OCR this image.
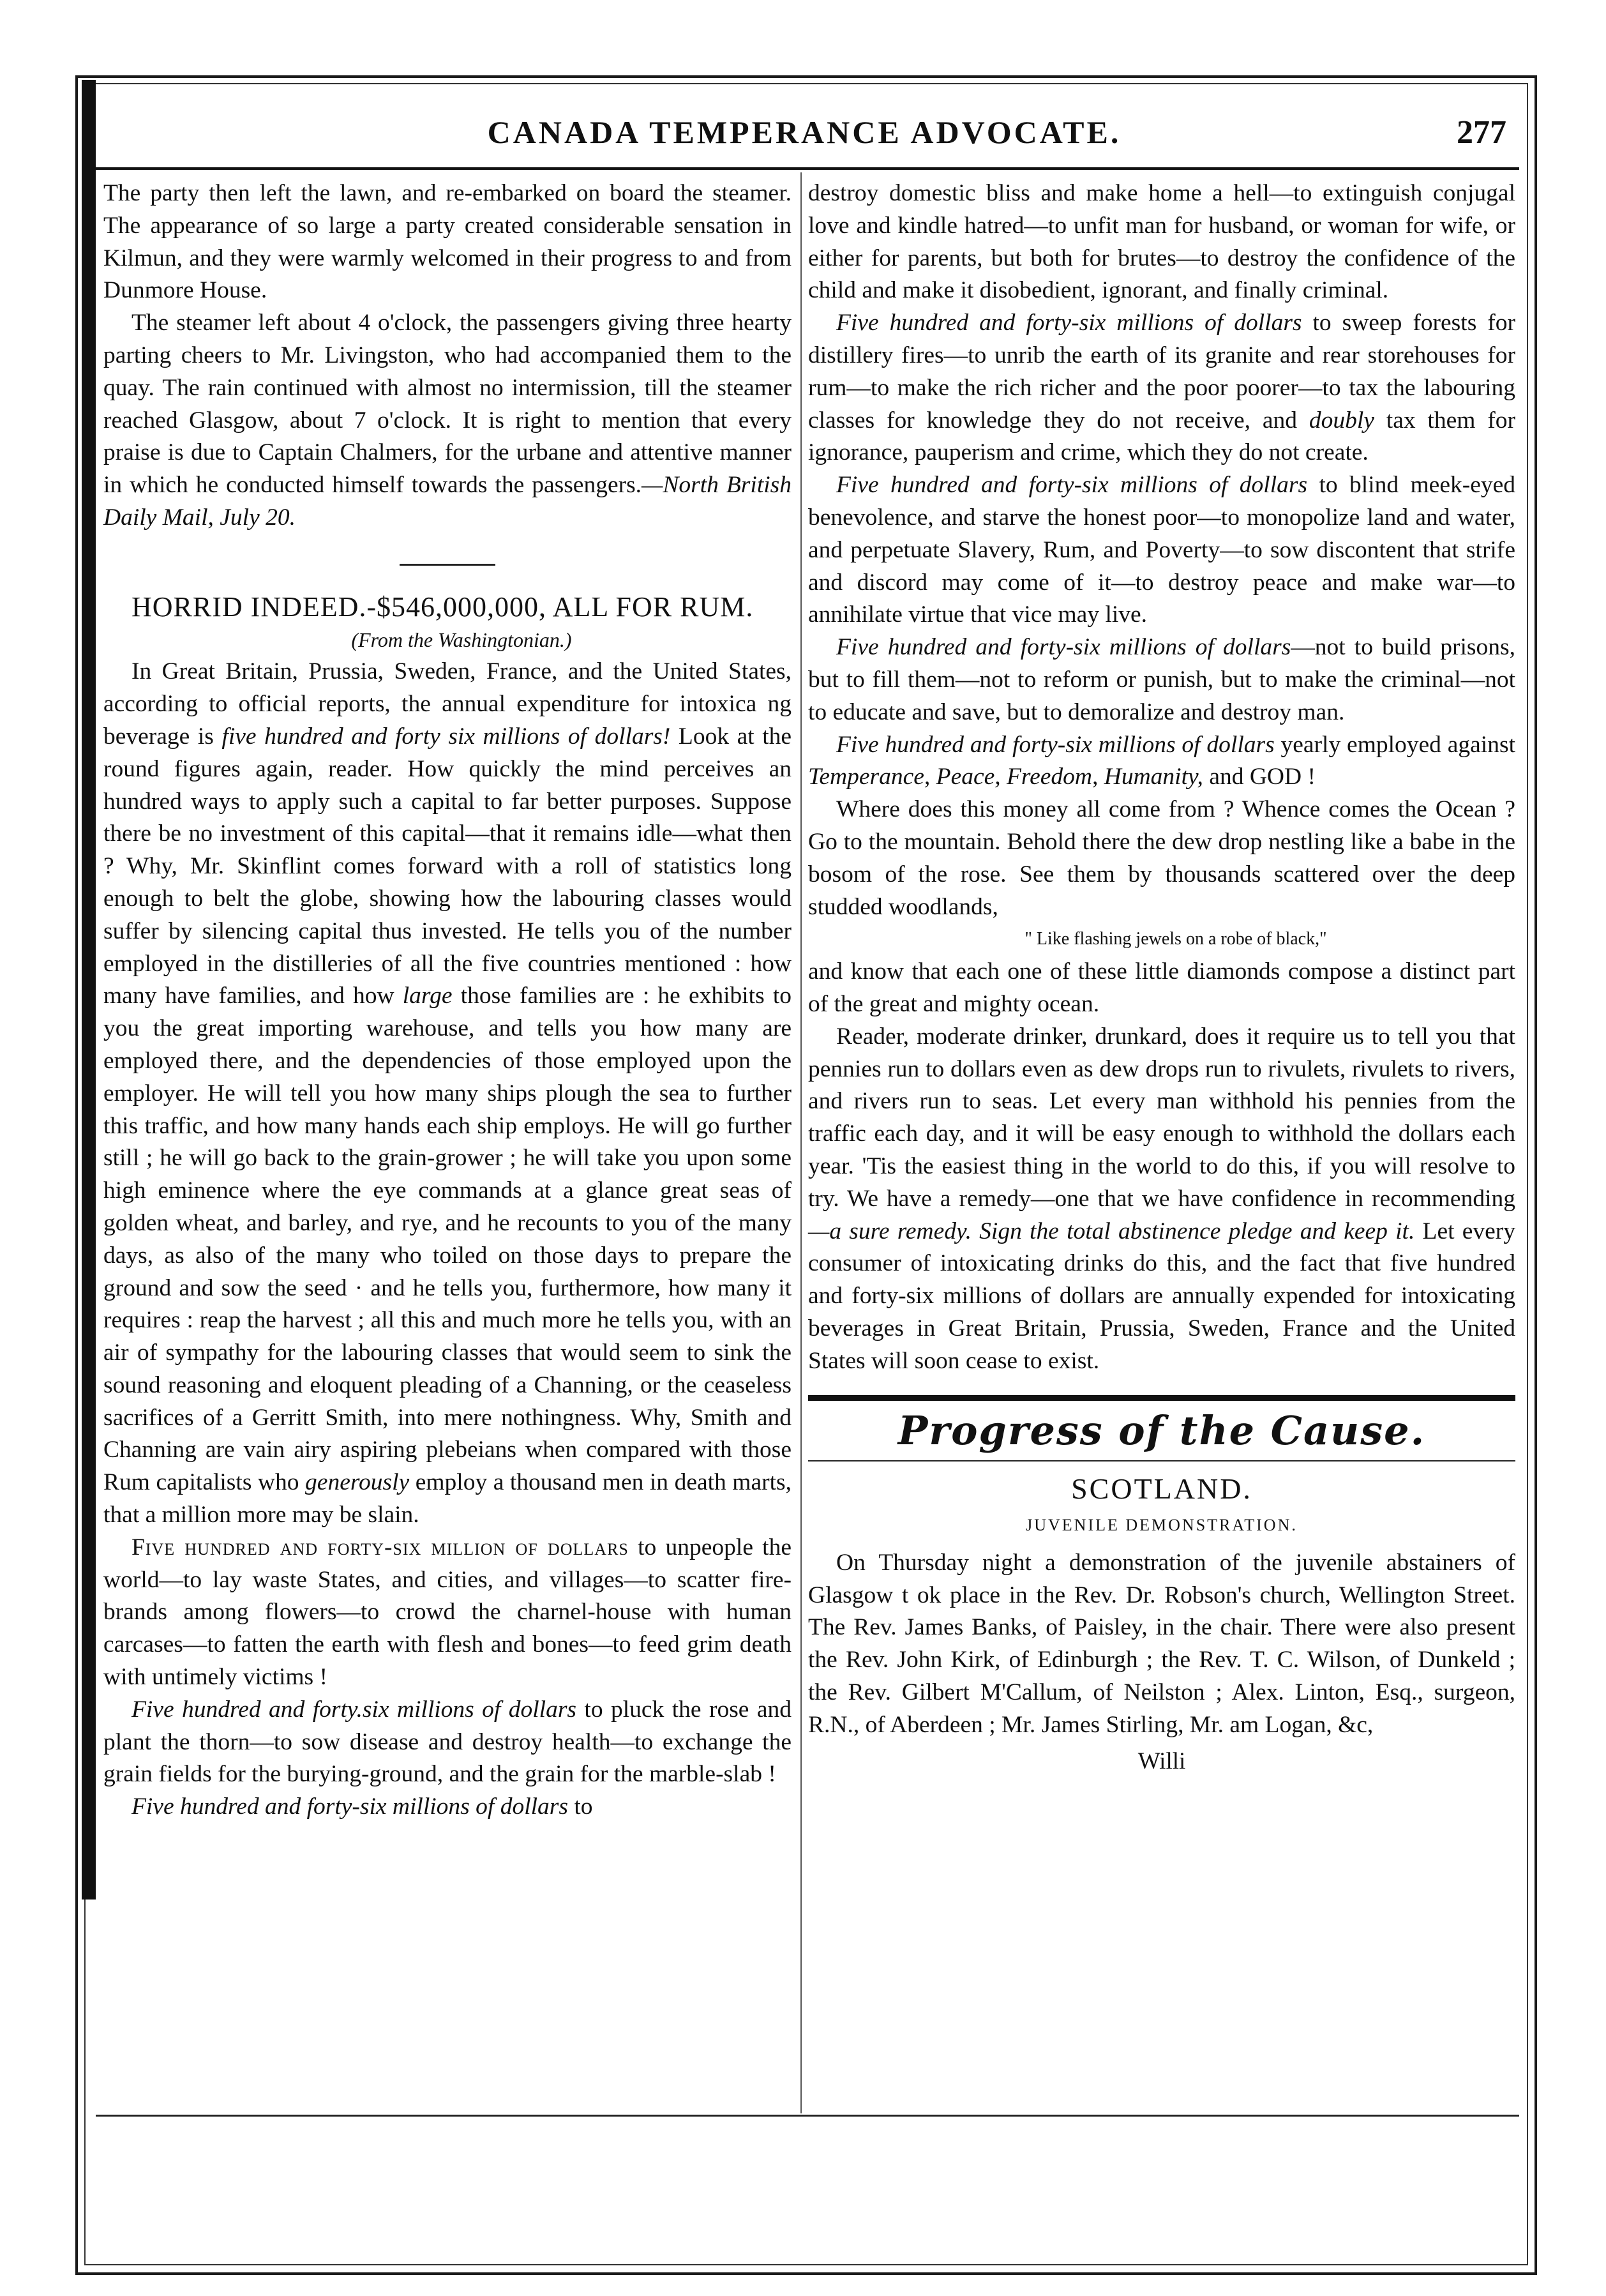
CANADA TEMPERANCE ADVOCATE.	277

The party then left the lawn, and re-embarked on board the steamer. The appearance of so large a party created considerable sensation in Kilmun, and they were warmly welcomed in their progress to and from Dunmore House.

The steamer left about 4 o'clock, the passengers giving three hearty parting cheers to Mr. Livingston, who had accompanied them to the quay. The rain continued with almost no intermission, till the steamer reached Glasgow, about 7 o'clock. It is right to mention that every praise is due to Captain Chalmers, for the urbane and attentive manner in which he conducted himself towards the passengers.—North British Daily Mail, July 20.

HORRID INDEED.-$546,000,000, ALL FOR RUM.

(From the Washingtonian.)

In Great Britain, Prussia, Sweden, France, and the United States, according to official reports, the annual expenditure for intoxica ng beverage is five hundred and forty six millions of dollars! Look at the round figures again, reader. How quickly the mind perceives an hundred ways to apply such a capital to far better purposes. Suppose there be no investment of this capital—that it remains idle—what then ? Why, Mr. Skinflint comes forward with a roll of statistics long enough to belt the globe, showing how the labouring classes would suffer by silencing capital thus invested. He tells you of the number employed in the distilleries of all the five countries mentioned : how many have families, and how large those families are : he exhibits to you the great importing warehouse, and tells you how many are employed there, and the dependencies of those employed upon the employer. He will tell you how many ships plough the sea to further this traffic, and how many hands each ship employs. He will go further still ; he will go back to the grain-grower ; he will take you upon some high eminence where the eye commands at a glance great seas of golden wheat, and barley, and rye, and he recounts to you of the many days, as also of the many who toiled on those days to prepare the ground and sow the seed · and he tells you, furthermore, how many it requires : reap the harvest ; all this and much more he tells you, with an air of sympathy for the labouring classes that would seem to sink the sound reasoning and eloquent pleading of a Channing, or the ceaseless sacrifices of a Gerritt Smith, into mere nothingness. Why, Smith and Channing are vain airy aspiring plebeians when compared with those Rum capitalists who generously employ a thousand men in death marts, that a million more may be slain.

Five hundred and forty-six million of dollars to unpeople the world—to lay waste States, and cities, and villages—to scatter fire-brands among flowers—to crowd the charnel-house with human carcases—to fatten the earth with flesh and bones—to feed grim death with untimely victims !

Five hundred and forty.six millions of dollars to pluck the rose and plant the thorn—to sow disease and destroy health—to exchange the grain fields for the burying-ground, and the grain for the marble-slab !

Five hundred and forty-six millions of dollars to

destroy domestic bliss and make home a hell—to extinguish conjugal love and kindle hatred—to unfit man for husband, or woman for wife, or either for parents, but both for brutes—to destroy the confidence of the child and make it disobedient, ignorant, and finally criminal.

Five hundred and forty-six millions of dollars to sweep forests for distillery fires—to unrib the earth of its granite and rear storehouses for rum—to make the rich richer and the poor poorer—to tax the labouring classes for knowledge they do not receive, and doubly tax them for ignorance, pauperism and crime, which they do not create.

Five hundred and forty-six millions of dollars to blind meek-eyed benevolence, and starve the honest poor—to monopolize land and water, and perpetuate Slavery, Rum, and Poverty—to sow discontent that strife and discord may come of it—to destroy peace and make war—to annihilate virtue that vice may live.

Five hundred and forty-six millions of dollars—not to build prisons, but to fill them—not to reform or punish, but to make the criminal—not to educate and save, but to demoralize and destroy man.

Five hundred and forty-six millions of dollars yearly employed against Temperance, Peace, Freedom, Humanity, and GOD !

Where does this money all come from ? Whence comes the Ocean ? Go to the mountain. Behold there the dew drop nestling like a babe in the bosom of the rose. See them by thousands scattered over the deep studded woodlands,

" Like flashing jewels on a robe of black,"

and know that each one of these little diamonds compose a distinct part of the great and mighty ocean.

Reader, moderate drinker, drunkard, does it require us to tell you that pennies run to dollars even as dew drops run to rivulets, rivulets to rivers, and rivers run to seas. Let every man withhold his pennies from the traffic each day, and it will be easy enough to withhold the dollars each year. 'Tis the easiest thing in the world to do this, if you will resolve to try. We have a remedy—one that we have confidence in recommending —a sure remedy. Sign the total abstinence pledge and keep it. Let every consumer of intoxicating drinks do this, and the fact that five hundred and forty-six millions of dollars are annually expended for intoxicating beverages in Great Britain, Prussia, Sweden, France and the United States will soon cease to exist.

Progress of the Cause.
SCOTLAND.
JUVENILE DEMONSTRATION.

On Thursday night a demonstration of the juvenile abstainers of Glasgow t ok place in the Rev. Dr. Robson's church, Wellington Street. The Rev. James Banks, of Paisley, in the chair. There were also present the Rev. John Kirk, of Edinburgh ; the Rev. T. C. Wilson, of Dunkeld ; the Rev. Gilbert M'Callum, of Neilston ; Alex. Linton, Esq., surgeon, R.N., of Aberdeen ; Mr. James Stirling, Mr. am Logan, &c,

Willi
